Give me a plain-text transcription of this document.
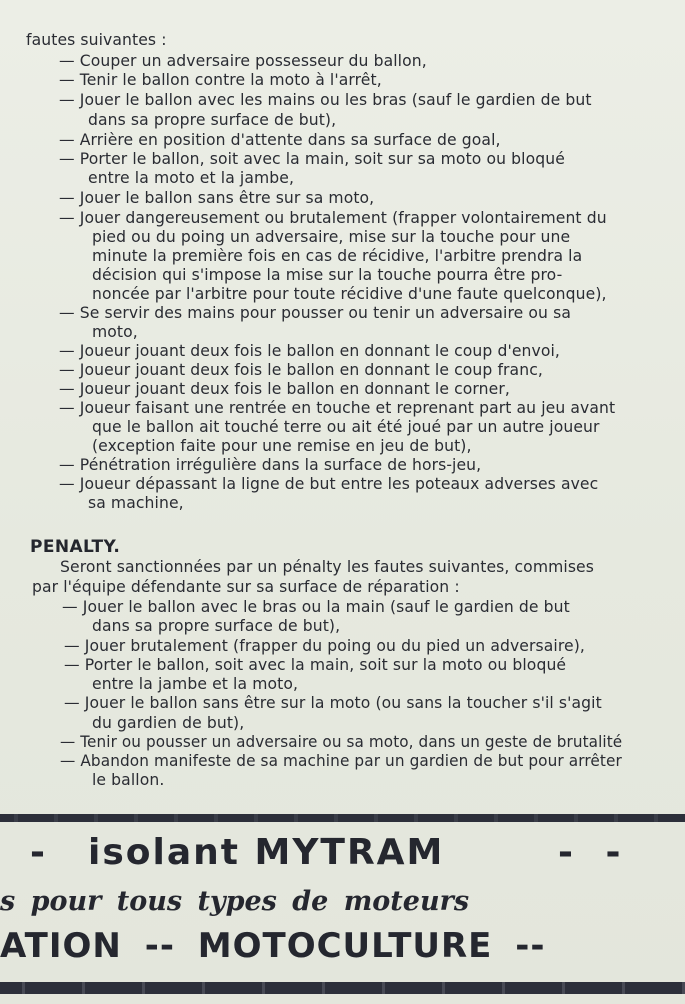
fautes suivantes :
— Couper un adversaire possesseur du ballon,
— Tenir le ballon contre la moto à l'arrêt,
— Jouer le ballon avec les mains ou les bras (sauf le gardien de but
dans sa propre surface de but),
— Arrière en position d'attente dans sa surface de goal,
— Porter le ballon, soit avec la main, soit sur sa moto ou bloqué
entre la moto et la jambe,
— Jouer le ballon sans être sur sa moto,
— Jouer dangereusement ou brutalement (frapper volontairement du
pied ou du poing un adversaire, mise sur la touche pour une
minute la première fois en cas de récidive, l'arbitre prendra la
décision qui s'impose la mise sur la touche pourra être pro-
noncée par l'arbitre pour toute récidive d'une faute quelconque),
— Se servir des mains pour pousser ou tenir un adversaire ou sa
moto,
— Joueur jouant deux fois le ballon en donnant le coup d'envoi,
— Joueur jouant deux fois le ballon en donnant le coup franc,
— Joueur jouant deux fois le ballon en donnant le corner,
— Joueur faisant une rentrée en touche et reprenant part au jeu avant
que le ballon ait touché terre ou ait été joué par un autre joueur
(exception faite pour une remise en jeu de but),
— Pénétration irrégulière dans la surface de hors-jeu,
— Joueur dépassant la ligne de but entre les poteaux adverses avec
sa machine,
PENALTY.
Seront sanctionnées par un pénalty les fautes suivantes, commises
par l'équipe défendante sur sa surface de réparation :
— Jouer le ballon avec le bras ou la main (sauf le gardien de but
dans sa propre surface de but),
— Jouer brutalement (frapper du poing ou du pied un adversaire),
— Porter le ballon, soit avec la main, soit sur la moto ou bloqué
entre la jambe et la moto,
— Jouer le ballon sans être sur la moto (ou sans la toucher s'il s'agit
du gardien de but),
— Tenir ou pousser un adversaire ou sa moto, dans un geste de brutalité
— Abandon manifeste de sa machine par un gardien de but pour arrêter
le ballon.
- isolant MYTRAM	- -
s pour tous types de moteurs
ATION -- MOTOCULTURE --
